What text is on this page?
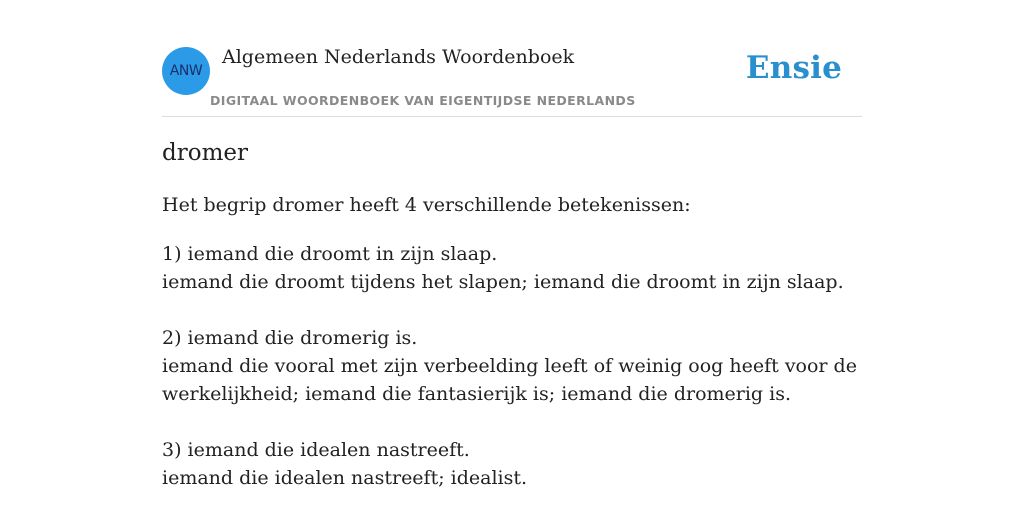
ANW
Algemeen Nederlands Woordenboek
DIGITAAL WOORDENBOEK VAN EIGENTIJDSE NEDERLANDS
Ensie
dromer
Het begrip dromer heeft 4 verschillende betekenissen:
1) iemand die droomt in zijn slaap.
iemand die droomt tijdens het slapen; iemand die droomt in zijn slaap.
2) iemand die dromerig is.
iemand die vooral met zijn verbeelding leeft of weinig oog heeft voor de werkelijkheid; iemand die fantasierijk is; iemand die dromerig is.
3) iemand die idealen nastreeft.
iemand die idealen nastreeft; idealist.
